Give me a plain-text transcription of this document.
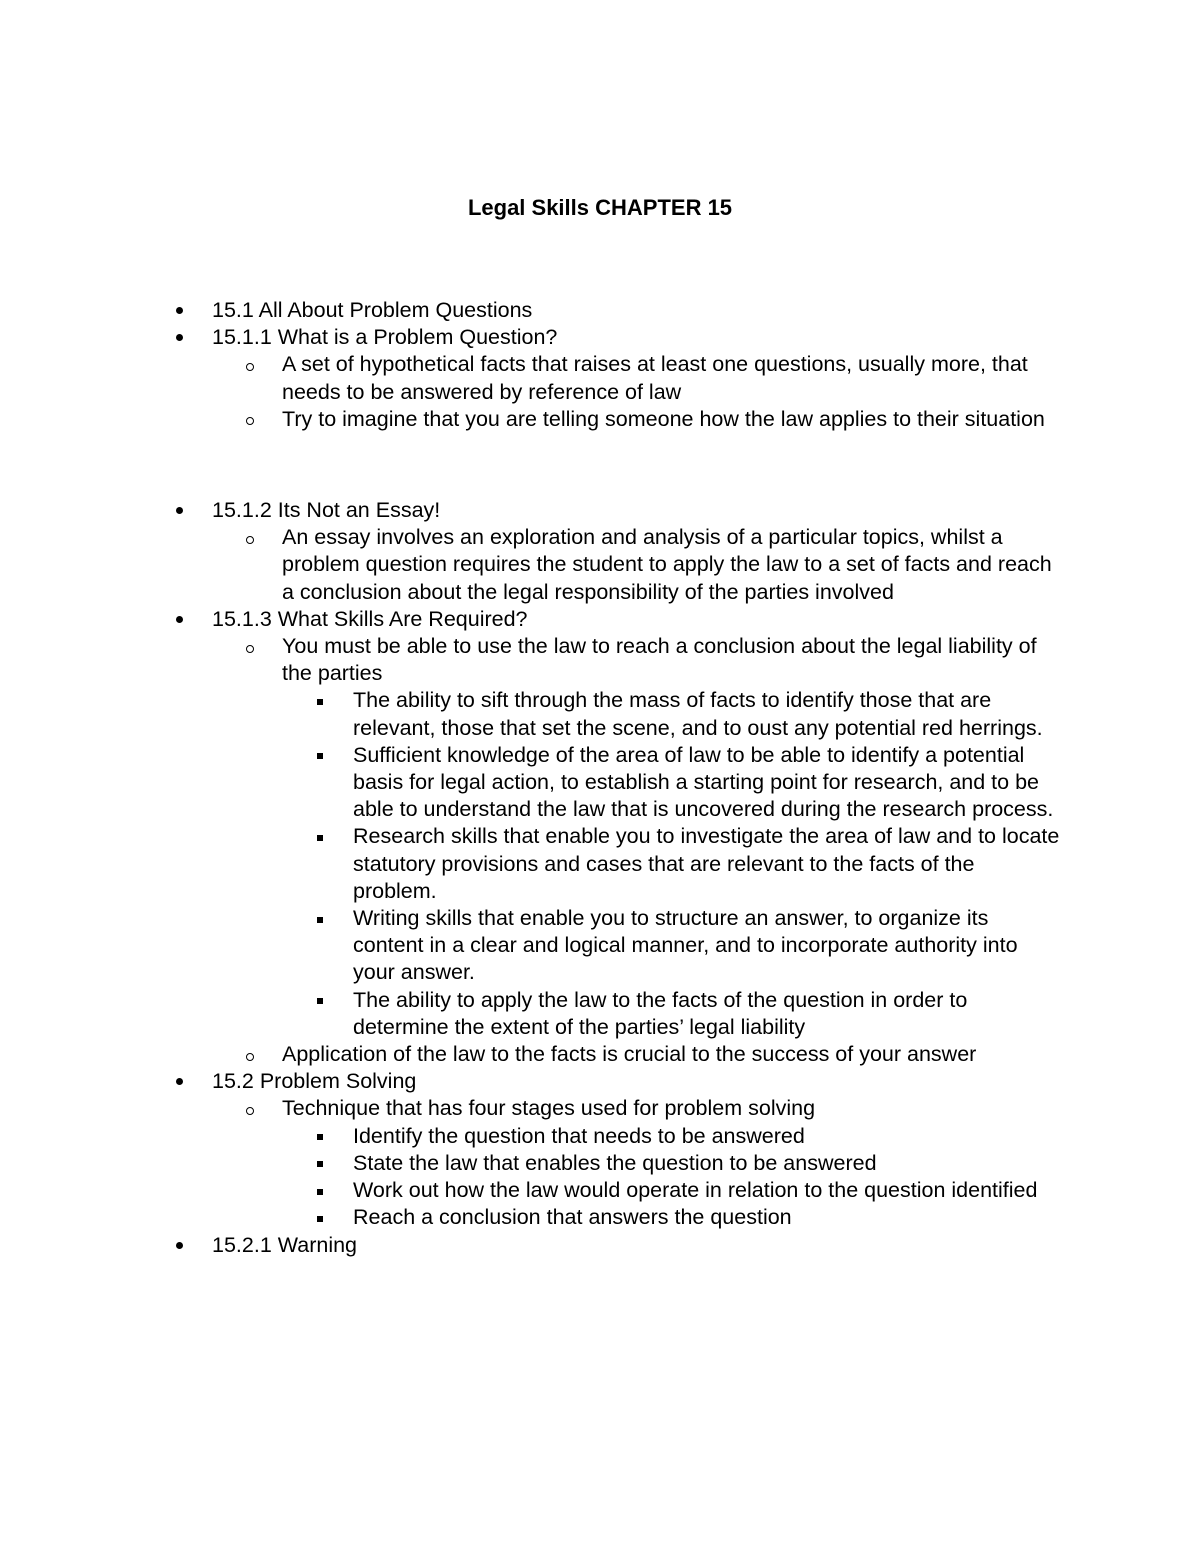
Legal Skills CHAPTER 15
15.1 All About Problem Questions
15.1.1 What is a Problem Question?
A set of hypothetical facts that raises at least one questions, usually more, that needs to be answered by reference of law
Try to imagine that you are telling someone how the law applies to their situation
15.1.2 Its Not an Essay!
An essay involves an exploration and analysis of a particular topics, whilst a problem question requires the student to apply the law to a set of facts and reach a conclusion about the legal responsibility of the parties involved
15.1.3 What Skills Are Required?
You must be able to use the law to reach a conclusion about the legal liability of the parties
The ability to sift through the mass of facts to identify those that are relevant, those that set the scene, and to oust any potential red herrings.
Sufficient knowledge of the area of law to be able to identify a potential basis for legal action, to establish a starting point for research, and to be able to understand the law that is uncovered during the research process.
Research skills that enable you to investigate the area of law and to locate statutory provisions and cases that are relevant to the facts of the problem.
Writing skills that enable you to structure an answer, to organize its content in a clear and logical manner, and to incorporate authority into your answer.
The ability to apply the law to the facts of the question in order to determine the extent of the parties’ legal liability
Application of the law to the facts is crucial to the success of your answer
15.2 Problem Solving
Technique that has four stages used for problem solving
Identify the question that needs to be answered
State the law that enables the question to be answered
Work out how the law would operate in relation to the question identified
Reach a conclusion that answers the question
15.2.1 Warning
